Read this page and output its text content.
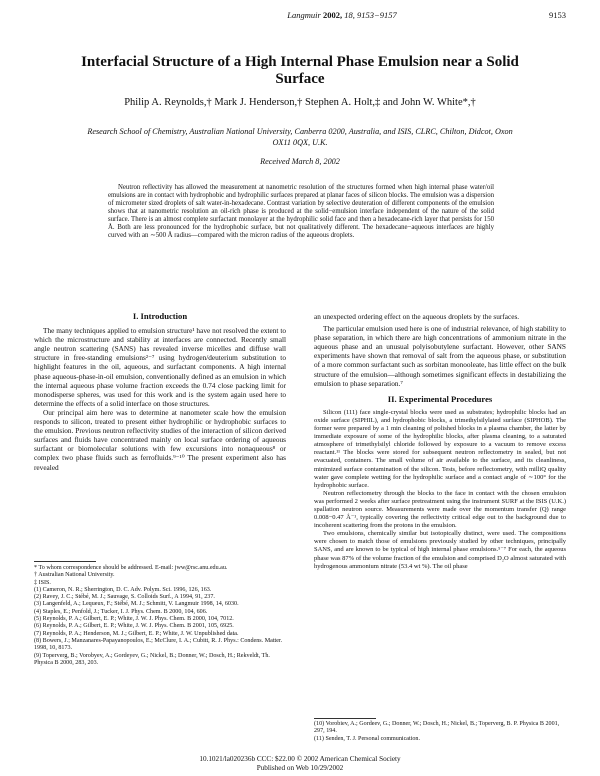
Langmuir 2002, 18, 9153−9157	9153
Interfacial Structure of a High Internal Phase Emulsion near a Solid Surface
Philip A. Reynolds,† Mark J. Henderson,† Stephen A. Holt,‡ and John W. White*,†
Research School of Chemistry, Australian National University, Canberra 0200, Australia, and ISIS, CLRC, Chilton, Didcot, Oxon OX11 0QX, U.K.
Received March 8, 2002
Neutron reflectivity has allowed the measurement at nanometric resolution of the structures formed when high internal phase water/oil emulsions are in contact with hydrophobic and hydrophilic surfaces prepared at planar faces of silicon blocks. The emulsion was a dispersion of micrometer sized droplets of salt water-in-hexadecane. Contrast variation by selective deuteration of different components of the emulsion shows that at nanometric resolution an oil-rich phase is produced at the solid−emulsion interface independent of the nature of the solid surface. There is an almost complete surfactant monolayer at the hydrophilic solid face and then a hexadecane-rich layer that persists for 150 Å. Both are less pronounced for the hydrophobic surface, but not qualitatively different. The hexadecane−aqueous interfaces are highly curved with an ∼500 Å radius—compared with the micron radius of the aqueous droplets.
I. Introduction

The many techniques applied to emulsion structure¹ have not resolved the extent to which the microstructure and stability at interfaces are connected. Recently small angle neutron scattering (SANS) has revealed inverse micelles and diffuse wall structure in free-standing emulsions²⁻⁷ using hydrogen/deuterium substitution to highlight features in the oil, aqueous, and surfactant components. A high internal phase aqueous-phase-in-oil emulsion, conventionally defined as an emulsion in which the internal aqueous phase volume fraction exceeds the 0.74 close packing limit for monodisperse spheres, was used for this work and is the system again used here to determine the effects of a solid interface on those structures.

Our principal aim here was to determine at nanometer scale how the emulsion responds to silicon, treated to present either hydrophilic or hydrophobic surfaces to the emulsion. Previous neutron reflectivity studies of the interaction of silicon derived surfaces and fluids have concentrated mainly on local surface ordering of aqueous surfactant or biomolecular solutions with few excursions into nonaqueous⁸ or complex two phase fluids such as ferrofluids.⁹⁻¹⁰ The present experiment also has revealed

* To whom correspondence should be addressed. E-mail: jww@rsc.anu.edu.au.
† Australian National University.
‡ ISIS.
(1) Cameron, N. R.; Sherrington, D. C. Adv. Polym. Sci. 1996, 126, 163.
(2) Ravey, J. C.; Stébé, M. J.; Sauvage, S. Colloids Surf., A 1994, 91, 237.
(3) Langenfeld, A.; Lequeux, F.; Stébé, M. J.; Schmitt, V. Langmuir 1998, 14, 6030.
(4) Staples, E.; Penfold, J.; Tucker, I. J. Phys. Chem. B 2000, 104, 606.
(5) Reynolds, P. A.; Gilbert, E. P.; White, J. W. J. Phys. Chem. B 2000, 104, 7012.
(6) Reynolds, P. A.; Gilbert, E. P.; White, J. W. J. Phys. Chem. B 2001, 105, 6925.
(7) Reynolds, P. A.; Henderson, M. J.; Gilbert, E. P.; White, J. W. Unpublished data.
(8) Bowers, J.; Manzanares-Papayanopoulos, E.; McClure, I. A.; Cubitt, R. J. Phys.: Condens. Matter. 1998, 10, 8173.
(9) Toperverg, B.; Vorobyev, A.; Gordeyev, G.; Nickel, B.; Donner, W.; Dosch, H.; Rekveldt, Th. Physica B 2000, 283, 203.

an unexpected ordering effect on the aqueous droplets by the surfaces.

The particular emulsion used here is one of industrial relevance, of high stability to phase separation, in which there are high concentrations of ammonium nitrate in the aqueous phase and an unusual polyisobutylene surfactant. However, other SANS experiments have shown that removal of salt from the aqueous phase, or substitution of a more common surfactant such as sorbitan monooleate, has little effect on the bulk structure of the emulsion—although sometimes significant effects in destabilizing the emulsion to phase separation.⁷

II. Experimental Procedures

Silicon (111) face single-crystal blocks were used as substrates; hydrophilic blocks had an oxide surface (SIPHIL), and hydrophobic blocks, a trimethylsilylated surface (SIPHOB). The former were prepared by a 1 min cleaning of polished blocks in a plasma chamber, the latter by immediate exposure of some of the hydrophilic blocks, after plasma cleaning, to a saturated atmosphere of trimethylsilyl chloride followed by exposure to a vacuum to remove excess reactant.¹¹ The blocks were stored for subsequent neutron reflectometry in sealed, but not evacuated, containers. The small volume of air available to the surface, and its cleanliness, minimized surface contamination of the silicon. Tests, before reflectometry, with milliQ quality water gave complete wetting for the hydrophilic surface and a contact angle of ∼100° for the hydrophobic surface.

Neutron reflectometry through the blocks to the face in contact with the chosen emulsion was performed 2 weeks after surface pretreatment using the instrument SURF at the ISIS (U.K.) spallation neutron source. Measurements were made over the momentum transfer (Q) range 0.008−0.47 Å⁻¹, typically covering the reflectivity critical edge out to the background due to incoherent scattering from the protons in the emulsion.

Two emulsions, chemically similar but isotopically distinct, were used. The compositions were chosen to match those of emulsions previously studied by other techniques, principally SANS, and are known to be typical of high internal phase emulsions.⁵⁻⁷ For each, the aqueous phase was 87% of the volume fraction of the emulsion and comprised D₂O almost saturated with hydrogenous ammonium nitrate (53.4 wt %). The oil phase

(10) Vorobiev, A.; Gordeev, G.; Donner, W.; Dosch, H.; Nickel, B.; Toperverg, B. P. Physica B 2001, 297, 194.
(11) Senden, T. J. Personal communication.
10.1021/la020236b CCC: $22.00 © 2002 American Chemical Society
Published on Web 10/29/2002
